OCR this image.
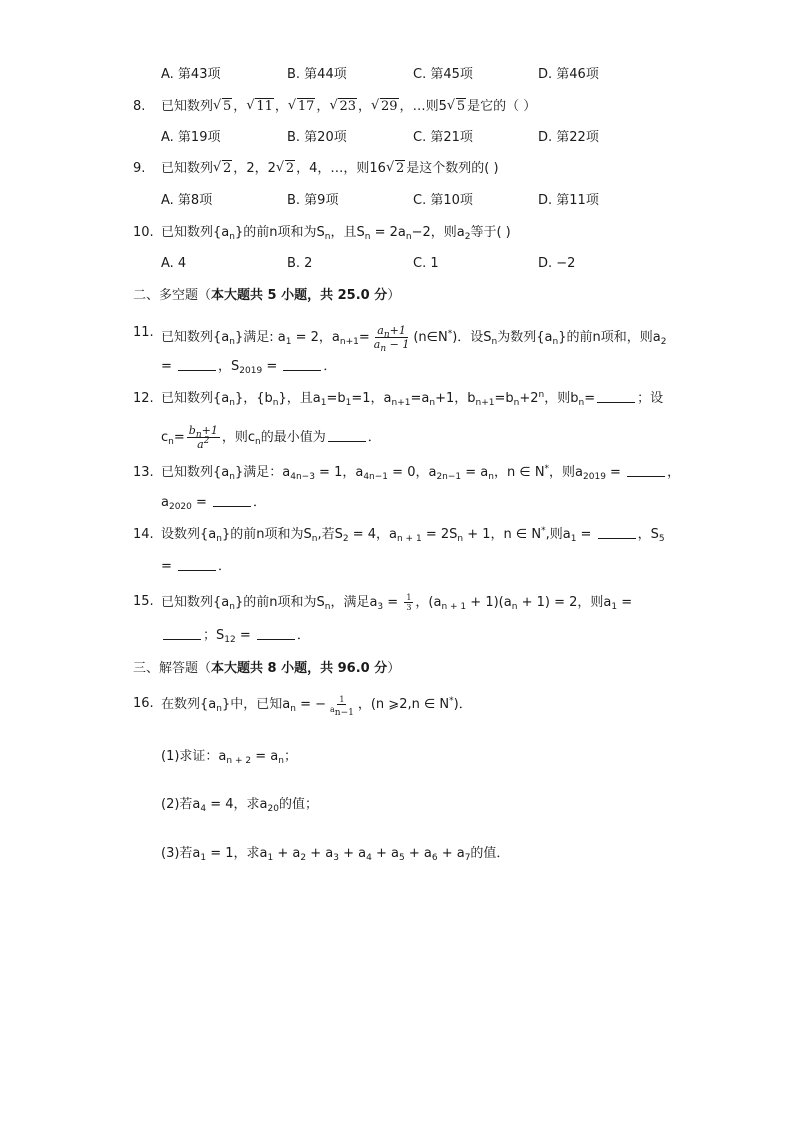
A. 第43项	B. 第44项	C. 第45项	D. 第46项
8. 已知数列 √ 5 ， √ 11 ， √ 17 ， √ 23 ， √ 29 ，…则5 √ 5 是它的（ ）
A. 第19项	B. 第20项	C. 第21项	D. 第22项
9. 已知数列 √ 2 ，2，2 √ 2 ，4，…，则16 √ 2 是这个数列的( )
A. 第8项	B. 第9项	C. 第10项	D. 第11项
10. 已知数列$\{a_n\}$的前n项和为$S_n$，且$S_n = 2a_n-2$，则$a_2$等于( )
A. 4	B. 2	C. 1	D. −2
二、多空题（本大题共 5 小题，共 25.0 分）
11. 已知数列$\{a_n\}$满足: $a_1 = 2$，$a_{n+1}= \frac{a_n+1}{a_n - 1}$ (n∈N*)．设$S_n$为数列$\{a_n\}$的前n项和，则$a_2$
=	，$S_{2019}$ =	．
12. 已知数列$\{a_n\}$，$\{b_n\}$，且$a_1=b_1=1$，$a_{n+1}=a_n+1$，$b_{n+1}=b_n+2^n$，则$b_n=$	；设
$c_n= \frac{b_n+1}{a^2}$ ，则$c_n$的最小值为	．
13. 已知数列$\{a_n\}$满足：$a_{4n-3} = 1$，$a_{4n-1} = 0$，$a_{2n-1} = a_n$，n ∈ N*，则$a_{2019}$ =	，
$a_{2020}$ =	．
14. 设数列$\{a_n\}$的前n项和为$S_n$,若$S_2 = 4$，$a_{n + 1} = 2S_n + 1$，n ∈ N*,则$a_1$ =	，$S_5$
=	．
15. 已知数列$\{a_n\}$的前n项和为$S_n$，满足$a_3 = \frac{1}{3}$ ，$(a_{n + 1} + 1)(a_n + 1) = 2$，则$a_1$ =
；$S_{12}$ =	．
三、解答题（本大题共 8 小题，共 96.0 分）
16. 在数列$\{a_n\}$中，已知$a_n$ = − $\frac{1}{a_{n-1}}$ ，(n ⩾2,n ∈ N*)．
(1)求证：$a_{n + 2} = a_n$；
(2)若$a_4 = 4$，求$a_{20}$的值；
(3)若$a_1 = 1$，求$a_1 + a_2 + a_3 + a_4 + a_5 + a_6 + a_7$的值．
